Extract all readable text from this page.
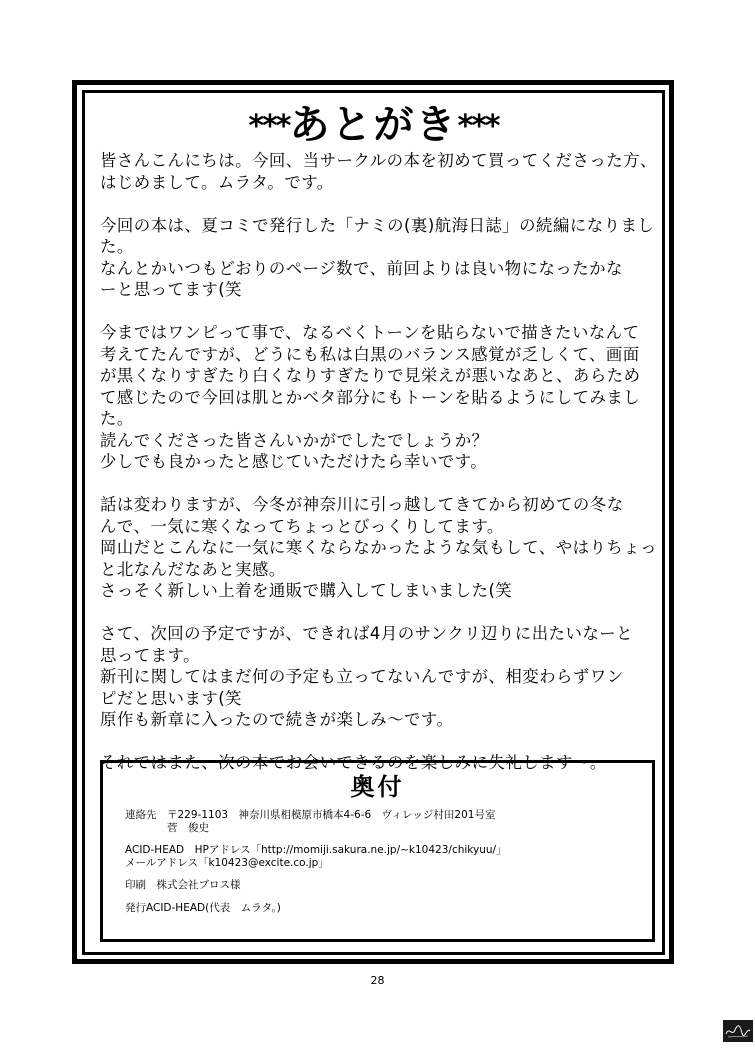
***あとがき***
皆さんこんにちは。今回、当サークルの本を初めて買ってくださった方、
はじめまして。ムラタ。です。
今回の本は、夏コミで発行した「ナミの(裏)航海日誌」の続編になりまし
た。
なんとかいつもどおりのページ数で、前回よりは良い物になったかな
ーと思ってます(笑
今まではワンピって事で、なるべくトーンを貼らないで描きたいなんて
考えてたんですが、どうにも私は白黒のバランス感覚が乏しくて、画面
が黒くなりすぎたり白くなりすぎたりで見栄えが悪いなあと、あらため
て感じたので今回は肌とかベタ部分にもトーンを貼るようにしてみまし
た。
読んでくださった皆さんいかがでしたでしょうか？
少しでも良かったと感じていただけたら幸いです。
話は変わりますが、今冬が神奈川に引っ越してきてから初めての冬な
んで、一気に寒くなってちょっとびっくりしてます。
岡山だとこんなに一気に寒くならなかったような気もして、やはりちょっ
と北なんだなあと実感。
さっそく新しい上着を通販で購入してしまいました(笑
さて、次回の予定ですが、できれば4月のサンクリ辺りに出たいなーと
思ってます。
新刊に関してはまだ何の予定も立ってないんですが、相変わらずワン
ピだと思います(笑
原作も新章に入ったので続きが楽しみ～です。
それではまた、次の本でお会いできるのを楽しみに失礼します～。
奥付
連絡先　〒229-1103　神奈川県相模原市橋本4-6-6　ヴィレッジ村田201号室
　　　　菅　俊史
ACID-HEAD　HPアドレス「http://momiji.sakura.ne.jp/~k10423/chikyuu/」
メールアドレス「k10423@excite.co.jp」
印刷　株式会社ブロス様
発行ACID-HEAD(代表　ムラタ。)
28
